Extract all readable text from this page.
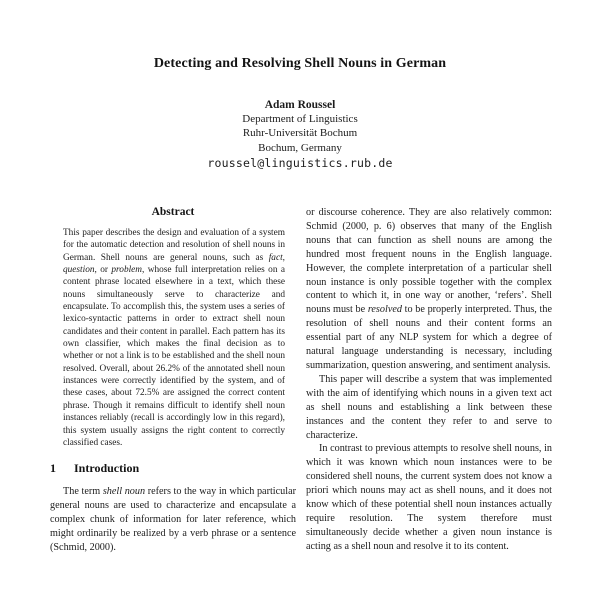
Detecting and Resolving Shell Nouns in German
Adam Roussel
Department of Linguistics
Ruhr-Universität Bochum
Bochum, Germany
roussel@linguistics.rub.de
Abstract

This paper describes the design and evaluation of a system for the automatic detection and resolution of shell nouns in German. Shell nouns are general nouns, such as fact, question, or problem, whose full interpretation relies on a content phrase located elsewhere in a text, which these nouns simultaneously serve to characterize and encapsulate. To accomplish this, the system uses a series of lexico-syntactic patterns in order to extract shell noun candidates and their content in parallel. Each pattern has its own classifier, which makes the final decision as to whether or not a link is to be established and the shell noun resolved. Overall, about 26.2% of the annotated shell noun instances were correctly identified by the system, and of these cases, about 72.5% are assigned the correct content phrase. Though it remains difficult to identify shell noun instances reliably (recall is accordingly low in this regard), this system usually assigns the right content to correctly classified cases.

1 Introduction

The term shell noun refers to the way in which particular general nouns are used to characterize and encapsulate a complex chunk of information for later reference, which might ordinarily be realized by a verb phrase or a sentence (Schmid, 2000).

or discourse coherence. They are also relatively common: Schmid (2000, p. 6) observes that many of the English nouns that can function as shell nouns are among the hundred most frequent nouns in the English language. However, the complete interpretation of a particular shell noun instance is only possible together with the complex content to which it, in one way or another, ‘refers’. Shell nouns must be resolved to be properly interpreted. Thus, the resolution of shell nouns and their content forms an essential part of any NLP system for which a degree of natural language understanding is necessary, including summarization, question answering, and sentiment analysis.

This paper will describe a system that was implemented with the aim of identifying which nouns in a given text act as shell nouns and establishing a link between these instances and the content they refer to and serve to characterize.

In contrast to previous attempts to resolve shell nouns, in which it was known which noun instances were to be considered shell nouns, the current system does not know a priori which nouns may act as shell nouns, and it does not know which of these potential shell noun instances actually require resolution. The system therefore must simultaneously decide whether a given noun instance is acting as a shell noun and resolve it to its content.
